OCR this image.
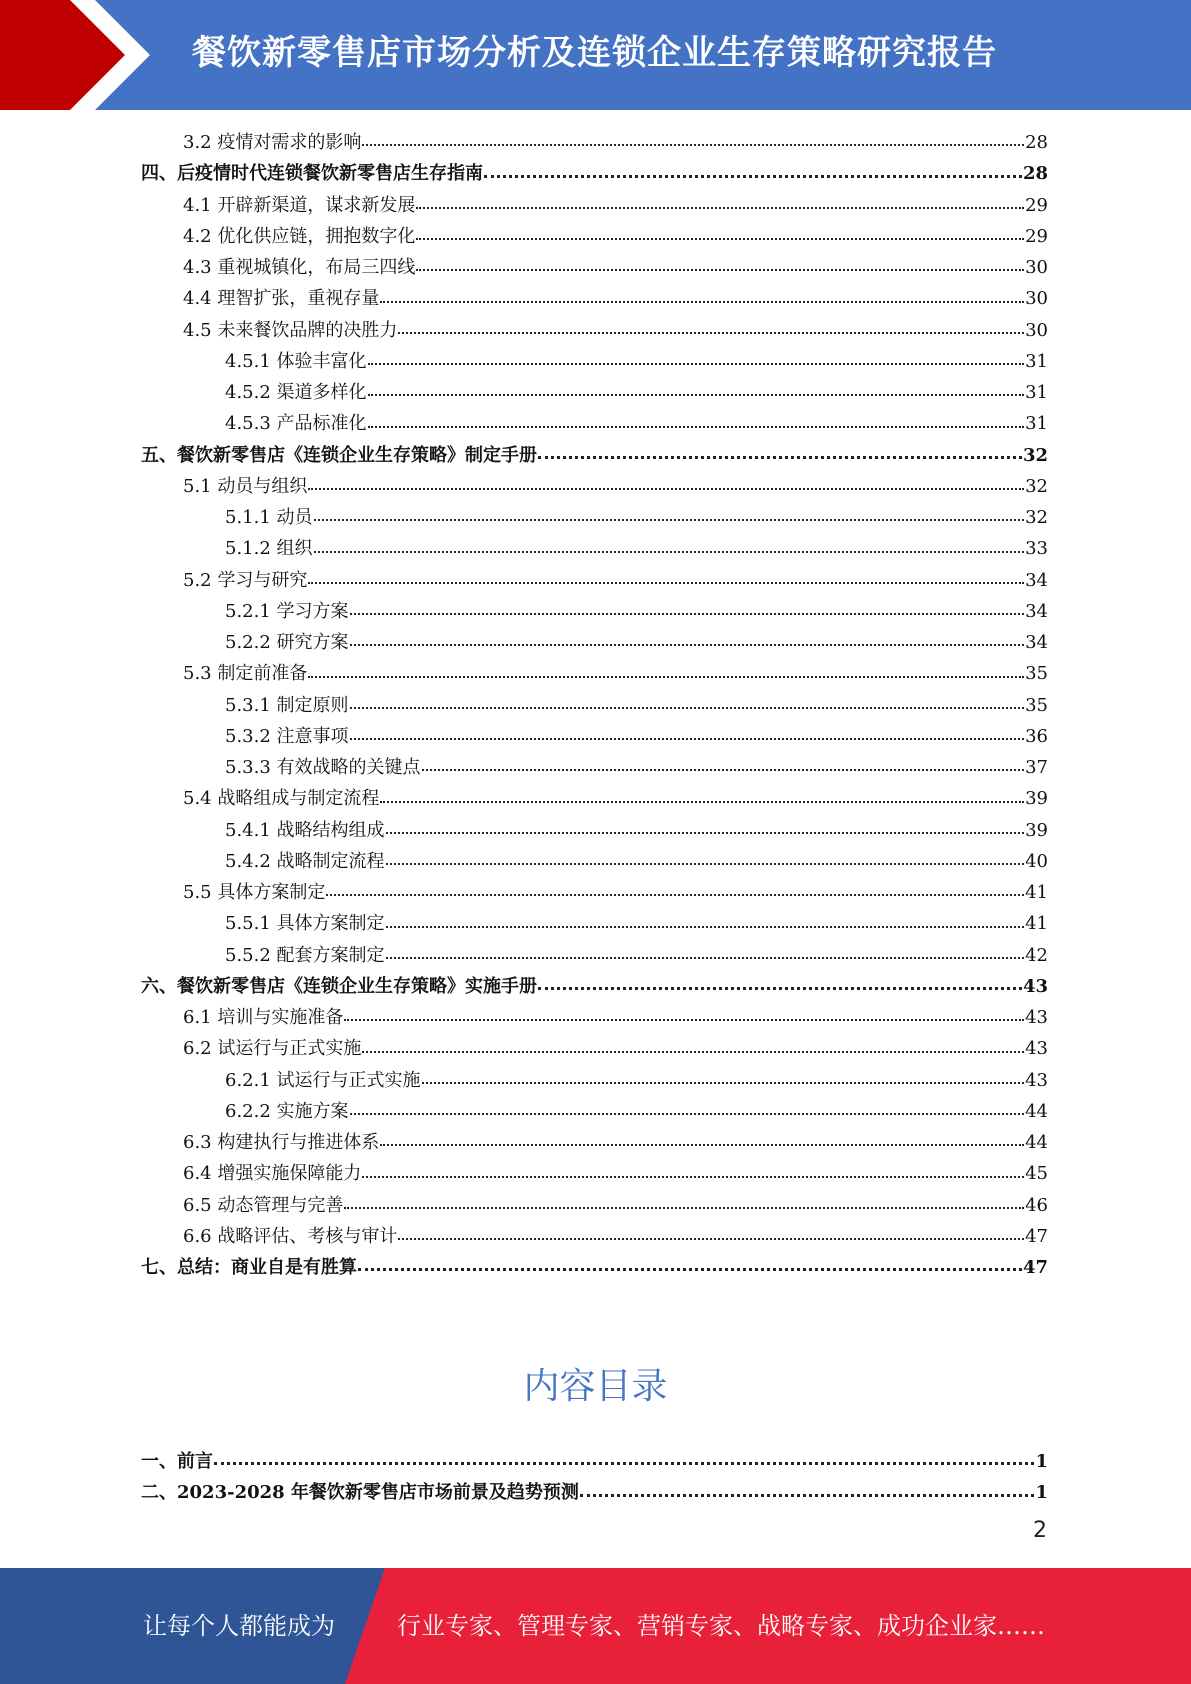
餐饮新零售店市场分析及连锁企业生存策略研究报告
3.2 疫情对需求的影响	28
四、后疫情时代连锁餐饮新零售店生存指南	28
4.1 开辟新渠道，谋求新发展	29
4.2 优化供应链，拥抱数字化	29
4.3 重视城镇化，布局三四线	30
4.4 理智扩张，重视存量	30
4.5 未来餐饮品牌的决胜力	30
4.5.1 体验丰富化	31
4.5.2 渠道多样化	31
4.5.3 产品标准化	31
五、餐饮新零售店《连锁企业生存策略》制定手册	32
5.1 动员与组织	32
5.1.1 动员	32
5.1.2 组织	33
5.2 学习与研究	34
5.2.1 学习方案	34
5.2.2 研究方案	34
5.3 制定前准备	35
5.3.1 制定原则	35
5.3.2 注意事项	36
5.3.3 有效战略的关键点	37
5.4 战略组成与制定流程	39
5.4.1 战略结构组成	39
5.4.2 战略制定流程	40
5.5 具体方案制定	41
5.5.1 具体方案制定	41
5.5.2 配套方案制定	42
六、餐饮新零售店《连锁企业生存策略》实施手册	43
6.1 培训与实施准备	43
6.2 试运行与正式实施	43
6.2.1 试运行与正式实施	43
6.2.2 实施方案	44
6.3 构建执行与推进体系	44
6.4 增强实施保障能力	45
6.5 动态管理与完善	46
6.6 战略评估、考核与审计	47
七、总结：商业自是有胜算	47
内容目录
一、前言	1
二、2023-2028 年餐饮新零售店市场前景及趋势预测	1
2
让每个人都能成为	行业专家、管理专家、营销专家、战略专家、成功企业家……
